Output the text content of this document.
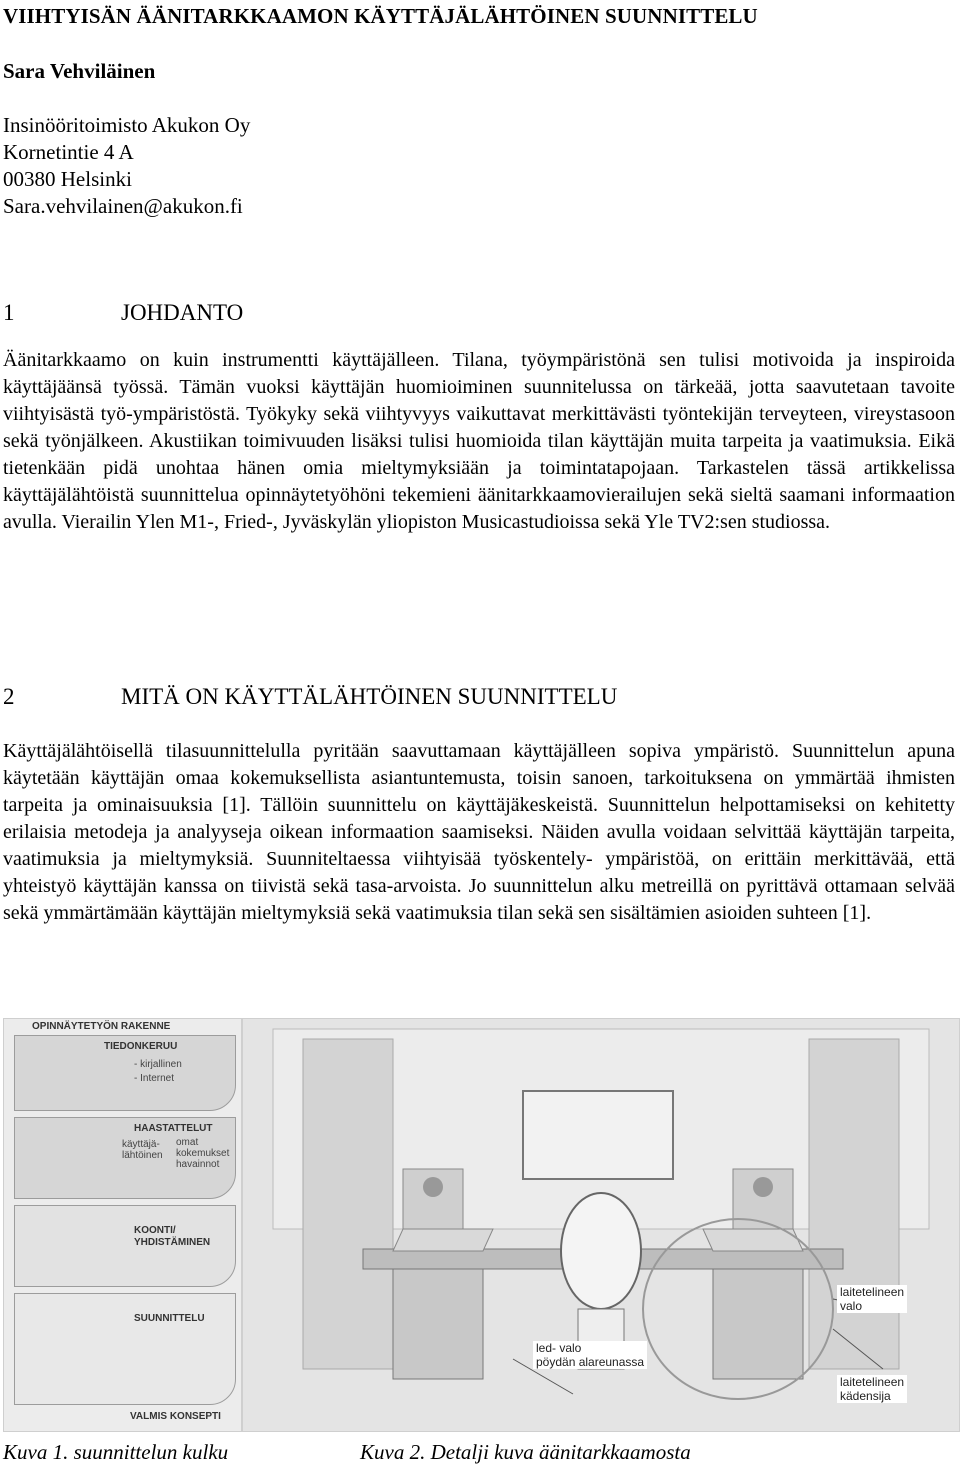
VIIHTYISÄN ÄÄNITARKKAAMON KÄYTTÄJÄLÄHTÖINEN SUUNNITTELU
Sara Vehviläinen
Insinööritoimisto Akukon Oy
Kornetintie 4 A
00380 Helsinki
Sara.vehvilainen@akukon.fi
1	JOHDANTO
Äänitarkkaamo on kuin instrumentti käyttäjälleen. Tilana, työympäristönä sen tulisi motivoida ja inspiroida käyttäjäänsä työssä. Tämän vuoksi käyttäjän huomioiminen suunnitelussa on tärkeää, jotta saavutetaan tavoite viihtyisästä työ-ympäristöstä. Työkyky sekä viihtyvyys vaikuttavat merkittävästi työntekijän terveyteen, vireystasoon sekä työnjälkeen. Akustiikan toimivuuden lisäksi tulisi huomioida tilan käyttäjän muita tarpeita ja vaatimuksia. Eikä tietenkään pidä unohtaa hänen omia mieltymyksiään ja toimintatapojaan. Tarkastelen tässä artikkelissa käyttäjälähtöistä suunnittelua opinnäytetyöhöni tekemieni äänitarkkaamovierailujen sekä sieltä saamani informaation avulla. Vierailin Ylen M1-, Fried-, Jyväskylän yliopiston Musicastudioissa sekä Yle TV2:sen studiossa.
2	MITÄ ON KÄYTTÄLÄHTÖINEN SUUNNITTELU
Käyttäjälähtöisellä tilasuunnittelulla pyritään saavuttamaan käyttäjälleen sopiva ympäristö. Suunnittelun apuna käytetään käyttäjän omaa kokemuksellista asiantuntemusta, toisin sanoen, tarkoituksena on ymmärtää ihmisten tarpeita ja ominaisuuksia [1]. Tällöin suunnittelu on käyttäjäkeskeistä. Suunnittelun helpottamiseksi on kehitetty erilaisia metodeja ja analyyseja oikean informaation saamiseksi. Näiden avulla voidaan selvittää käyttäjän tarpeita, vaatimuksia ja mieltymyksiä. Suunniteltaessa viihtyisää työskentely- ympäristöä, on erittäin merkittävää, että yhteistyö käyttäjän kanssa on tiivistä sekä tasa-arvoista. Jo suunnittelun alku metreillä on pyrittävä ottamaan selvää sekä ymmärtämään käyttäjän mieltymyksiä sekä vaatimuksia tilan sekä sen sisältämien asioiden suhteen [1].
OPINNÄYTETYÖN RAKENNE
TIEDONKERUU
- kirjallinen
- Internet
HAASTATTELUT
käyttäjä-
lähtöinen
omat
kokemukset
havainnot
KOONTI/
YHDISTÄMINEN
SUUNNITTELU
VALMIS KONSEPTI
led- valo
pöydän alareunassa
laitetelineen
valo
laitetelineen
kädensija
Kuva 1. suunnittelun kulku	Kuva 2. Detalji kuva äänitarkkaamosta
